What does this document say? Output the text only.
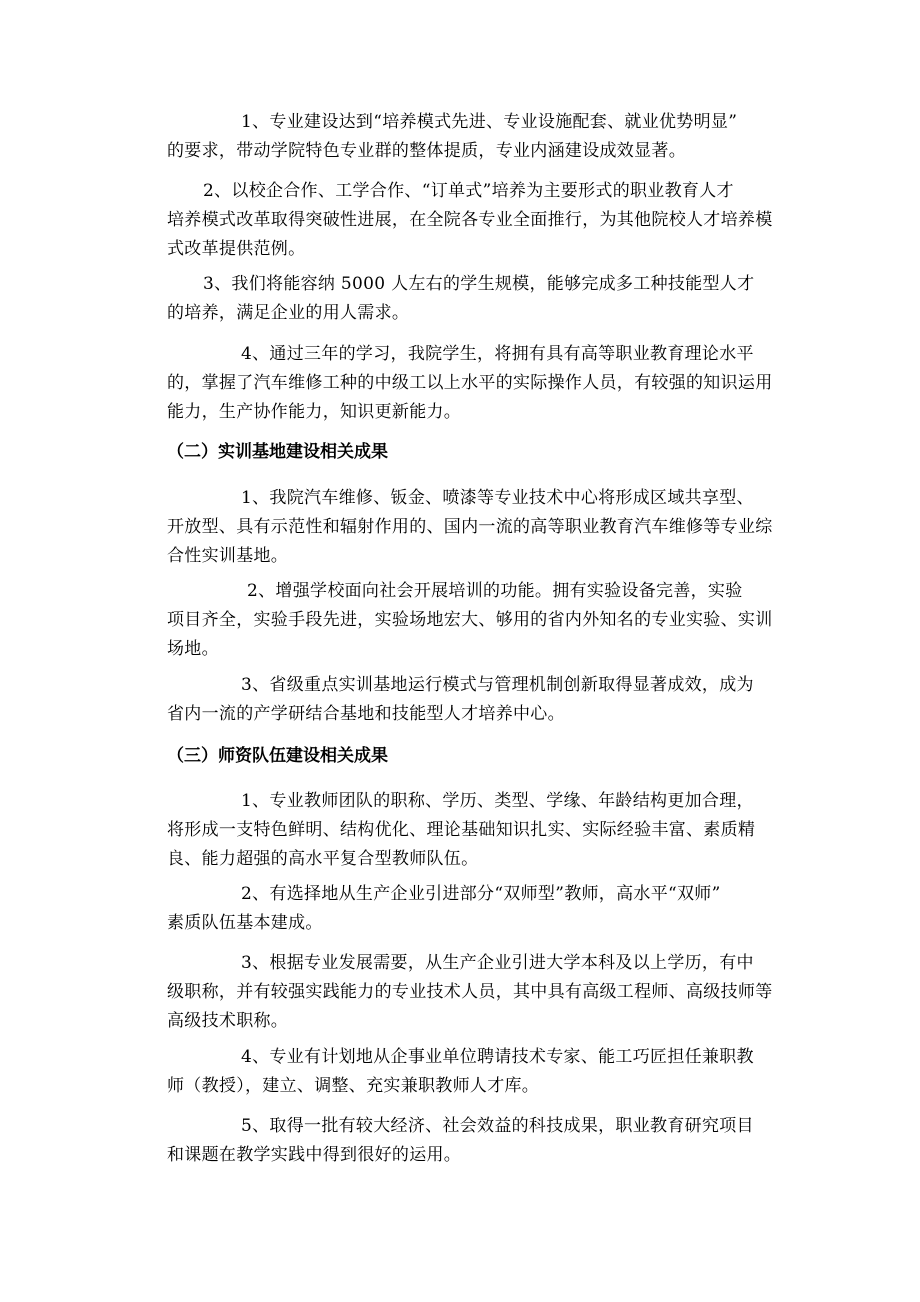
1、专业建设达到“培养模式先进、专业设施配套、就业优势明显”
的要求，带动学院特色专业群的整体提质，专业内涵建设成效显著。

2、以校企合作、工学合作、“订单式”培养为主要形式的职业教育人才
培养模式改革取得突破性进展，在全院各专业全面推行，为其他院校人才培养模式改革提供范例。

3、我们将能容纳 5000 人左右的学生规模，能够完成多工种技能型人才
的培养，满足企业的用人需求。

4、通过三年的学习，我院学生，将拥有具有高等职业教育理论水平
的，掌握了汽车维修工种的中级工以上水平的实际操作人员，有较强的知识运用能力，生产协作能力，知识更新能力。

（二）实训基地建设相关成果

1、我院汽车维修、钣金、喷漆等专业技术中心将形成区域共享型、
开放型、具有示范性和辐射作用的、国内一流的高等职业教育汽车维修等专业综合性实训基地。

2、增强学校面向社会开展培训的功能。拥有实验设备完善，实验
项目齐全，实验手段先进，实验场地宏大、够用的省内外知名的专业实验、实训场地。

3、省级重点实训基地运行模式与管理机制创新取得显著成效，成为
省内一流的产学研结合基地和技能型人才培养中心。

（三）师资队伍建设相关成果

1、专业教师团队的职称、学历、类型、学缘、年龄结构更加合理，
将形成一支特色鲜明、结构优化、理论基础知识扎实、实际经验丰富、素质精良、能力超强的高水平复合型教师队伍。

2、有选择地从生产企业引进部分“双师型”教师，高水平“双师”
素质队伍基本建成。

3、根据专业发展需要，从生产企业引进大学本科及以上学历，有中
级职称，并有较强实践能力的专业技术人员，其中具有高级工程师、高级技师等高级技术职称。

4、专业有计划地从企事业单位聘请技术专家、能工巧匠担任兼职教
师（教授），建立、调整、充实兼职教师人才库。

5、取得一批有较大经济、社会效益的科技成果，职业教育研究项目
和课题在教学实践中得到很好的运用。
